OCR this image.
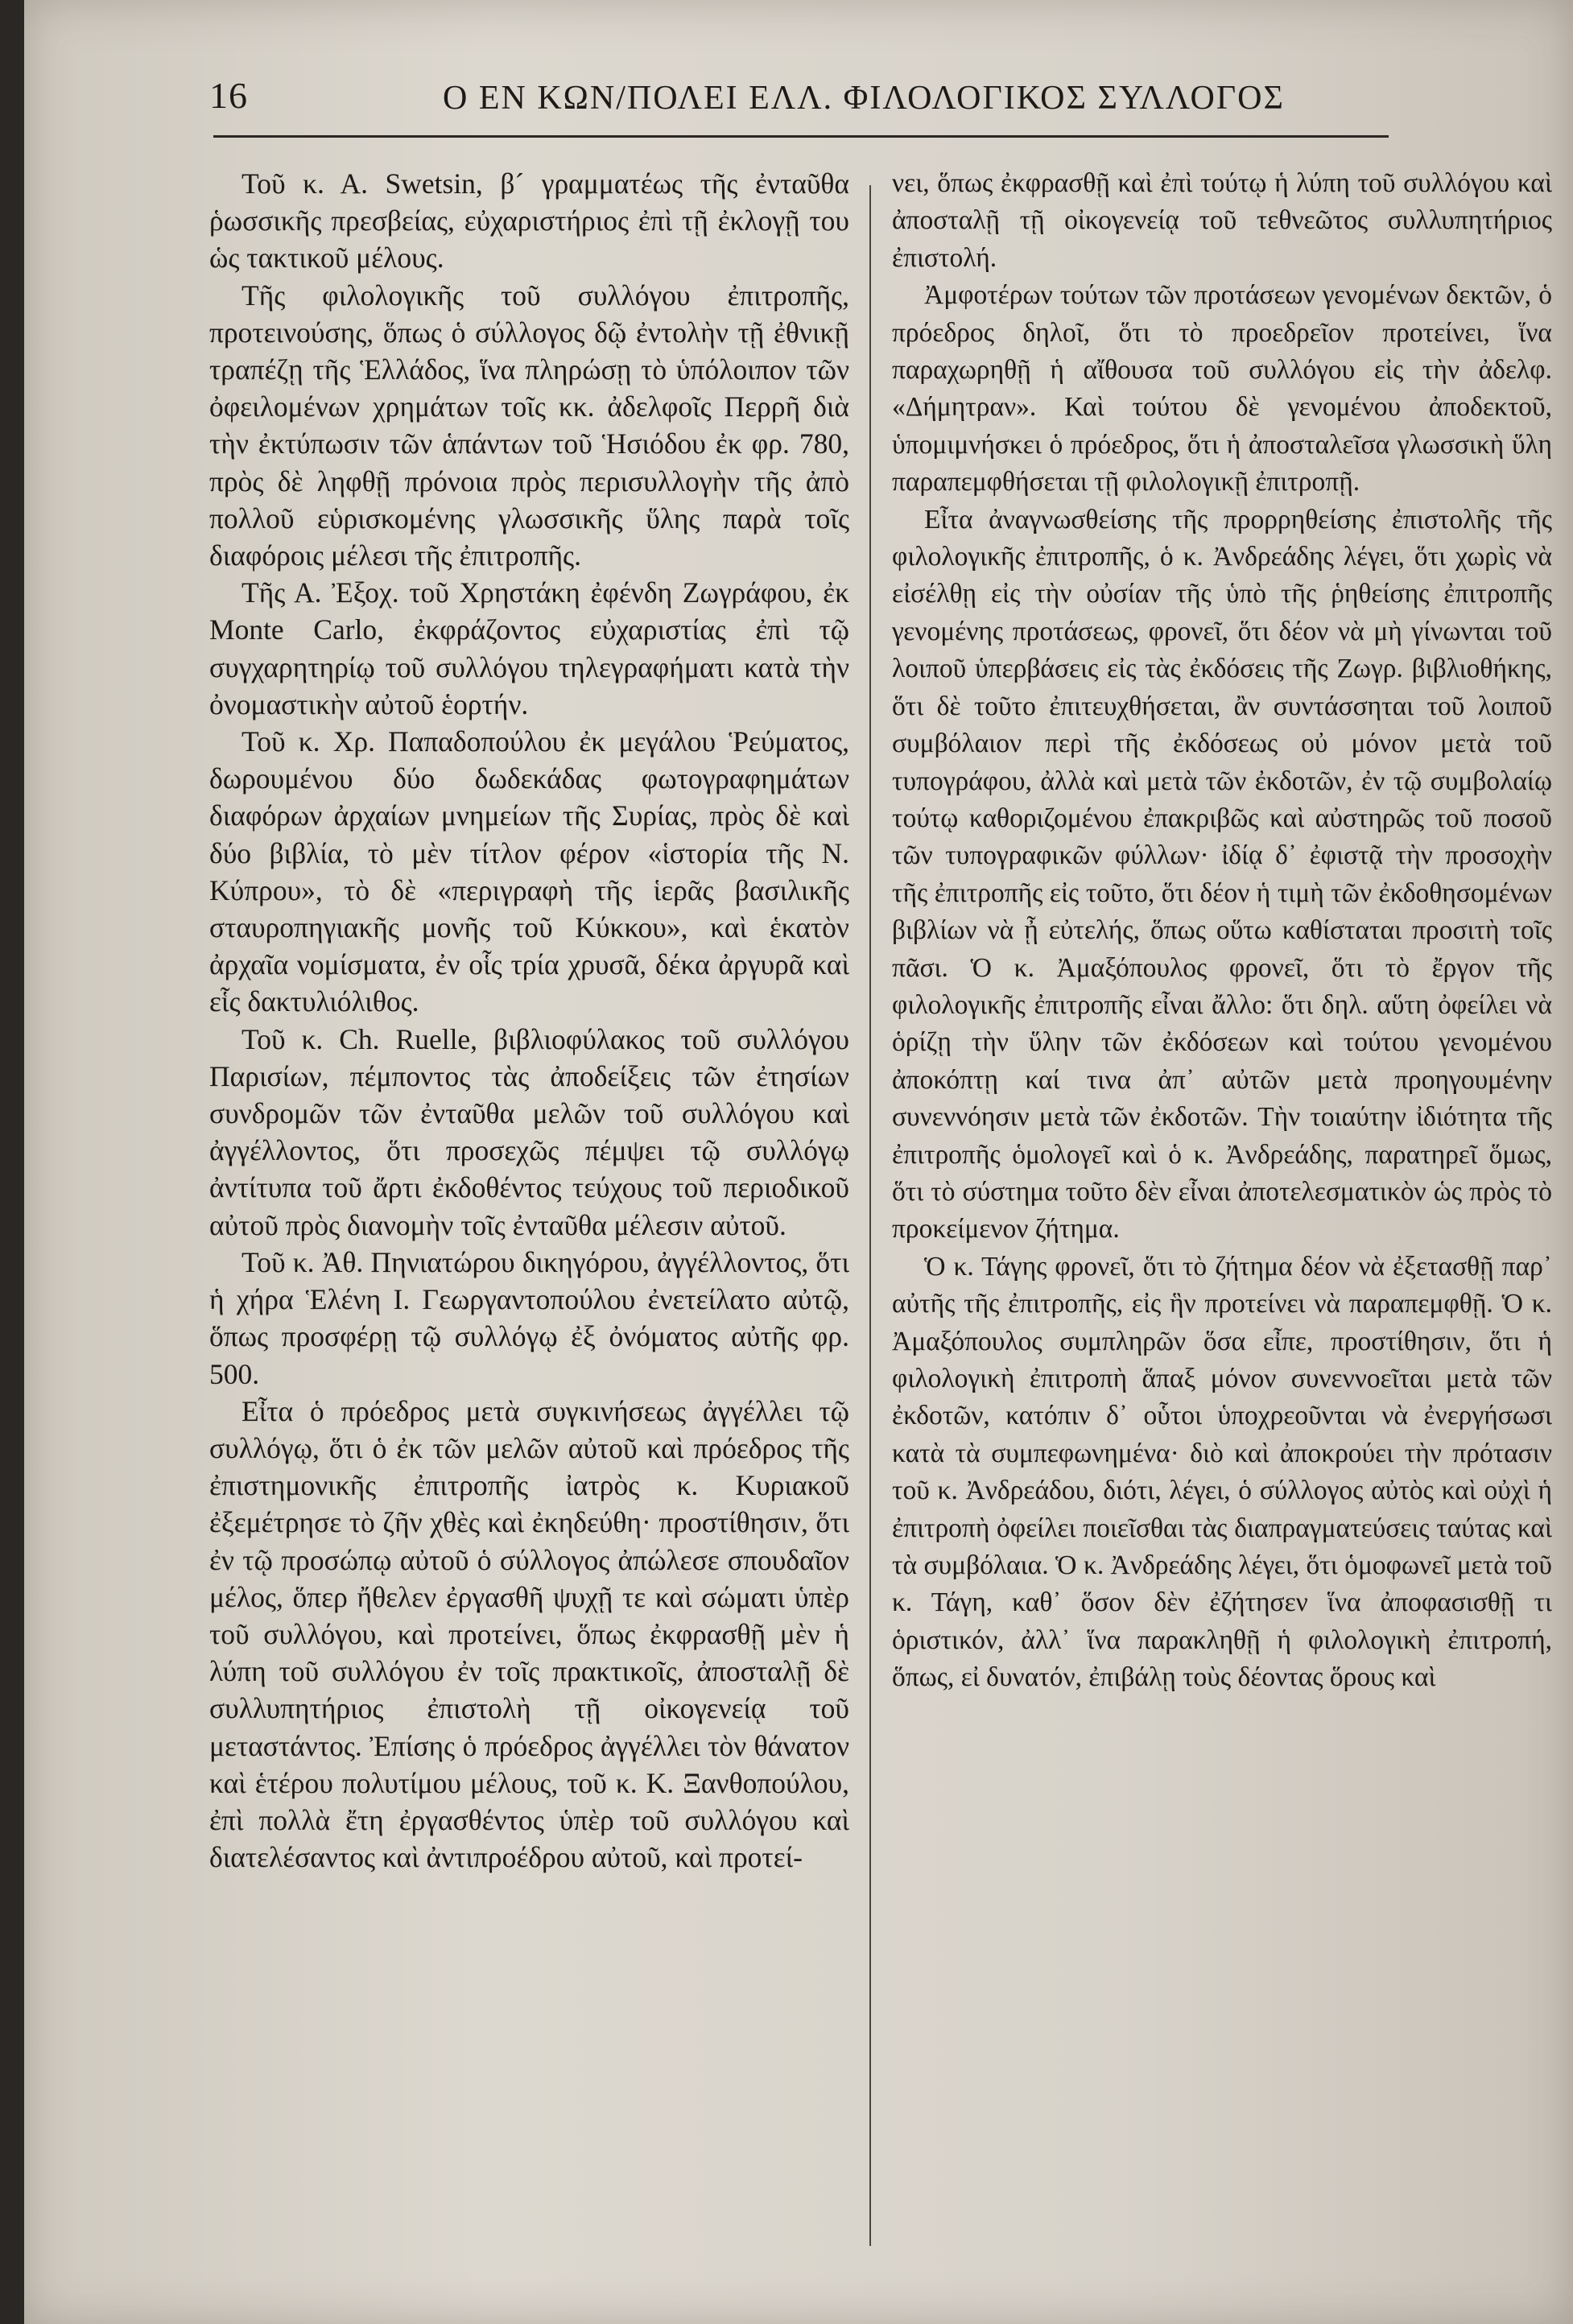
16	Ο ΕΝ ΚΩΝ/ΠΟΛΕΙ ΕΛΛ. ΦΙΛΟΛΟΓΙΚΟΣ ΣΥΛΛΟΓΟΣ

Τοῦ κ. Α. Swetsin, β´ γραμματέως τῆς ἐνταῦθα ῥωσσικῆς πρεσβείας, εὐχαριστήριος ἐπὶ τῇ ἐκλογῇ του ὡς τακτικοῦ μέλους.

Τῆς φιλολογικῆς τοῦ συλλόγου ἐπιτροπῆς, προτεινούσης, ὅπως ὁ σύλλογος δῷ ἐντολὴν τῇ ἐθνικῇ τραπέζῃ τῆς Ἑλλάδος, ἵνα πληρώσῃ τὸ ὑπόλοιπον τῶν ὀφειλομένων χρημάτων τοῖς κκ. ἀδελφοῖς Περρῆ διὰ τὴν ἐκτύπωσιν τῶν ἁπάντων τοῦ Ἡσιόδου ἐκ φρ. 780, πρὸς δὲ ληφθῇ πρόνοια πρὸς περισυλλογὴν τῆς ἀπὸ πολλοῦ εὑρισκομένης γλωσσικῆς ὕλης παρὰ τοῖς διαφόροις μέλεσι τῆς ἐπιτροπῆς.

Τῆς Α. Ἐξοχ. τοῦ Χρηστάκη ἐφένδη Ζωγράφου, ἐκ Monte Carlo, ἐκφράζοντος εὐχαριστίας ἐπὶ τῷ συγχαρητηρίῳ τοῦ συλλόγου τηλεγραφήματι κατὰ τὴν ὀνομαστικὴν αὐτοῦ ἑορτήν.

Τοῦ κ. Χρ. Παπαδοπούλου ἐκ μεγάλου Ῥεύματος, δωρουμένου δύο δωδεκάδας φωτογραφημάτων διαφόρων ἀρχαίων μνημείων τῆς Συρίας, πρὸς δὲ καὶ δύο βιβλία, τὸ μὲν τίτλον φέρον «ἱστορία τῆς Ν. Κύπρου», τὸ δὲ «περιγραφὴ τῆς ἱερᾶς βασιλικῆς σταυροπηγιακῆς μονῆς τοῦ Κύκκου», καὶ ἑκατὸν ἀρχαῖα νομίσματα, ἐν οἷς τρία χρυσᾶ, δέκα ἀργυρᾶ καὶ εἷς δακτυλιόλιθος.

Τοῦ κ. Ch. Ruelle, βιβλιοφύλακος τοῦ συλλόγου Παρισίων, πέμποντος τὰς ἀποδείξεις τῶν ἐτησίων συνδρομῶν τῶν ἐνταῦθα μελῶν τοῦ συλλόγου καὶ ἀγγέλλοντος, ὅτι προσεχῶς πέμψει τῷ συλλόγῳ ἀντίτυπα τοῦ ἄρτι ἐκδοθέντος τεύχους τοῦ περιοδικοῦ αὐτοῦ πρὸς διανομὴν τοῖς ἐνταῦθα μέλεσιν αὐτοῦ.

Τοῦ κ. Ἀθ. Πηνιατώρου δικηγόρου, ἀγγέλλοντος, ὅτι ἡ χήρα Ἑλένη Ι. Γεωργαντοπούλου ἐνετείλατο αὐτῷ, ὅπως προσφέρῃ τῷ συλλόγῳ ἐξ ὀνόματος αὐτῆς φρ. 500.

Εἶτα ὁ πρόεδρος μετὰ συγκινήσεως ἀγγέλλει τῷ συλλόγῳ, ὅτι ὁ ἐκ τῶν μελῶν αὐτοῦ καὶ πρόεδρος τῆς ἐπιστημονικῆς ἐπιτροπῆς ἰατρὸς κ. Κυριακοῦ ἐξεμέτρησε τὸ ζῆν χθὲς καὶ ἐκηδεύθη· προστίθησιν, ὅτι ἐν τῷ προσώπῳ αὐτοῦ ὁ σύλλογος ἀπώλεσε σπουδαῖον μέλος, ὅπερ ἤθελεν ἐργασθῆ ψυχῇ τε καὶ σώματι ὑπὲρ τοῦ συλλόγου, καὶ προτείνει, ὅπως ἐκφρασθῇ μὲν ἡ λύπη τοῦ συλλόγου ἐν τοῖς πρακτικοῖς, ἀποσταλῇ δὲ συλλυπητήριος ἐπιστολὴ τῇ οἰκογενείᾳ τοῦ μεταστάντος. Ἐπίσης ὁ πρόεδρος ἀγγέλλει τὸν θάνατον καὶ ἑτέρου πολυτίμου μέλους, τοῦ κ. Κ. Ξανθοπούλου, ἐπὶ πολλὰ ἔτη ἐργασθέντος ὑπὲρ τοῦ συλλόγου καὶ διατελέσαντος καὶ ἀντιπροέδρου αὐτοῦ, καὶ προτεί-

νει, ὅπως ἐκφρασθῇ καὶ ἐπὶ τούτῳ ἡ λύπη τοῦ συλλόγου καὶ ἀποσταλῇ τῇ οἰκογενείᾳ τοῦ τεθνεῶτος συλλυπητήριος ἐπιστολή.

Ἀμφοτέρων τούτων τῶν προτάσεων γενομένων δεκτῶν, ὁ πρόεδρος δηλοῖ, ὅτι τὸ προεδρεῖον προτείνει, ἵνα παραχωρηθῇ ἡ αἴθουσα τοῦ συλλόγου εἰς τὴν ἀδελφ. «Δήμητραν». Καὶ τούτου δὲ γενομένου ἀποδεκτοῦ, ὑπομιμνήσκει ὁ πρόεδρος, ὅτι ἡ ἀποσταλεῖσα γλωσσικὴ ὕλη παραπεμφθήσεται τῇ φιλολογικῇ ἐπιτροπῇ.

Εἶτα ἀναγνωσθείσης τῆς προρρηθείσης ἐπιστολῆς τῆς φιλολογικῆς ἐπιτροπῆς, ὁ κ. Ἀνδρεάδης λέγει, ὅτι χωρὶς νὰ εἰσέλθῃ εἰς τὴν οὐσίαν τῆς ὑπὸ τῆς ῥηθείσης ἐπιτροπῆς γενομένης προτάσεως, φρονεῖ, ὅτι δέον νὰ μὴ γίνωνται τοῦ λοιποῦ ὑπερβάσεις εἰς τὰς ἐκδόσεις τῆς Ζωγρ. βιβλιοθήκης, ὅτι δὲ τοῦτο ἐπιτευχθήσεται, ἂν συντάσσηται τοῦ λοιποῦ συμβόλαιον περὶ τῆς ἐκδόσεως οὐ μόνον μετὰ τοῦ τυπογράφου, ἀλλὰ καὶ μετὰ τῶν ἐκδοτῶν, ἐν τῷ συμβολαίῳ τούτῳ καθοριζομένου ἐπακριβῶς καὶ αὐστηρῶς τοῦ ποσοῦ τῶν τυπογραφικῶν φύλλων· ἰδίᾳ δ᾽ ἐφιστᾷ τὴν προσοχὴν τῆς ἐπιτροπῆς εἰς τοῦτο, ὅτι δέον ἡ τιμὴ τῶν ἐκδοθησομένων βιβλίων νὰ ᾖ εὐτελής, ὅπως οὕτω καθίσταται προσιτὴ τοῖς πᾶσι. Ὁ κ. Ἀμαξόπουλος φρονεῖ, ὅτι τὸ ἔργον τῆς φιλολογικῆς ἐπιτροπῆς εἶναι ἄλλο: ὅτι δηλ. αὕτη ὀφείλει νὰ ὁρίζῃ τὴν ὕλην τῶν ἐκδόσεων καὶ τούτου γενομένου ἀποκόπτῃ καί τινα ἀπ᾽ αὐτῶν μετὰ προηγουμένην συνεννόησιν μετὰ τῶν ἐκδοτῶν. Τὴν τοιαύτην ἰδιότητα τῆς ἐπιτροπῆς ὁμολογεῖ καὶ ὁ κ. Ἀνδρεάδης, παρατηρεῖ ὅμως, ὅτι τὸ σύστημα τοῦτο δὲν εἶναι ἀποτελεσματικὸν ὡς πρὸς τὸ προκείμενον ζήτημα.

Ὁ κ. Τάγης φρονεῖ, ὅτι τὸ ζήτημα δέον νὰ ἐξετασθῇ παρ᾽ αὐτῆς τῆς ἐπιτροπῆς, εἰς ἣν προτείνει νὰ παραπεμφθῇ. Ὁ κ. Ἀμαξόπουλος συμπληρῶν ὅσα εἶπε, προστίθησιν, ὅτι ἡ φιλολογικὴ ἐπιτροπὴ ἅπαξ μόνον συνεννοεῖται μετὰ τῶν ἐκδοτῶν, κατόπιν δ᾽ οὗτοι ὑποχρεοῦνται νὰ ἐνεργήσωσι κατὰ τὰ συμπεφωνημένα· διὸ καὶ ἀποκρούει τὴν πρότασιν τοῦ κ. Ἀνδρεάδου, διότι, λέγει, ὁ σύλλογος αὐτὸς καὶ οὐχὶ ἡ ἐπιτροπὴ ὀφείλει ποιεῖσθαι τὰς διαπραγματεύσεις ταύτας καὶ τὰ συμβόλαια. Ὁ κ. Ἀνδρεάδης λέγει, ὅτι ὁμοφωνεῖ μετὰ τοῦ κ. Τάγη, καθ᾽ ὅσον δὲν ἐζήτησεν ἵνα ἀποφασισθῇ τι ὁριστικόν, ἀλλ᾽ ἵνα παρακληθῇ ἡ φιλολογικὴ ἐπιτροπή, ὅπως, εἰ δυνατόν, ἐπιβάλῃ τοὺς δέοντας ὅρους καὶ
